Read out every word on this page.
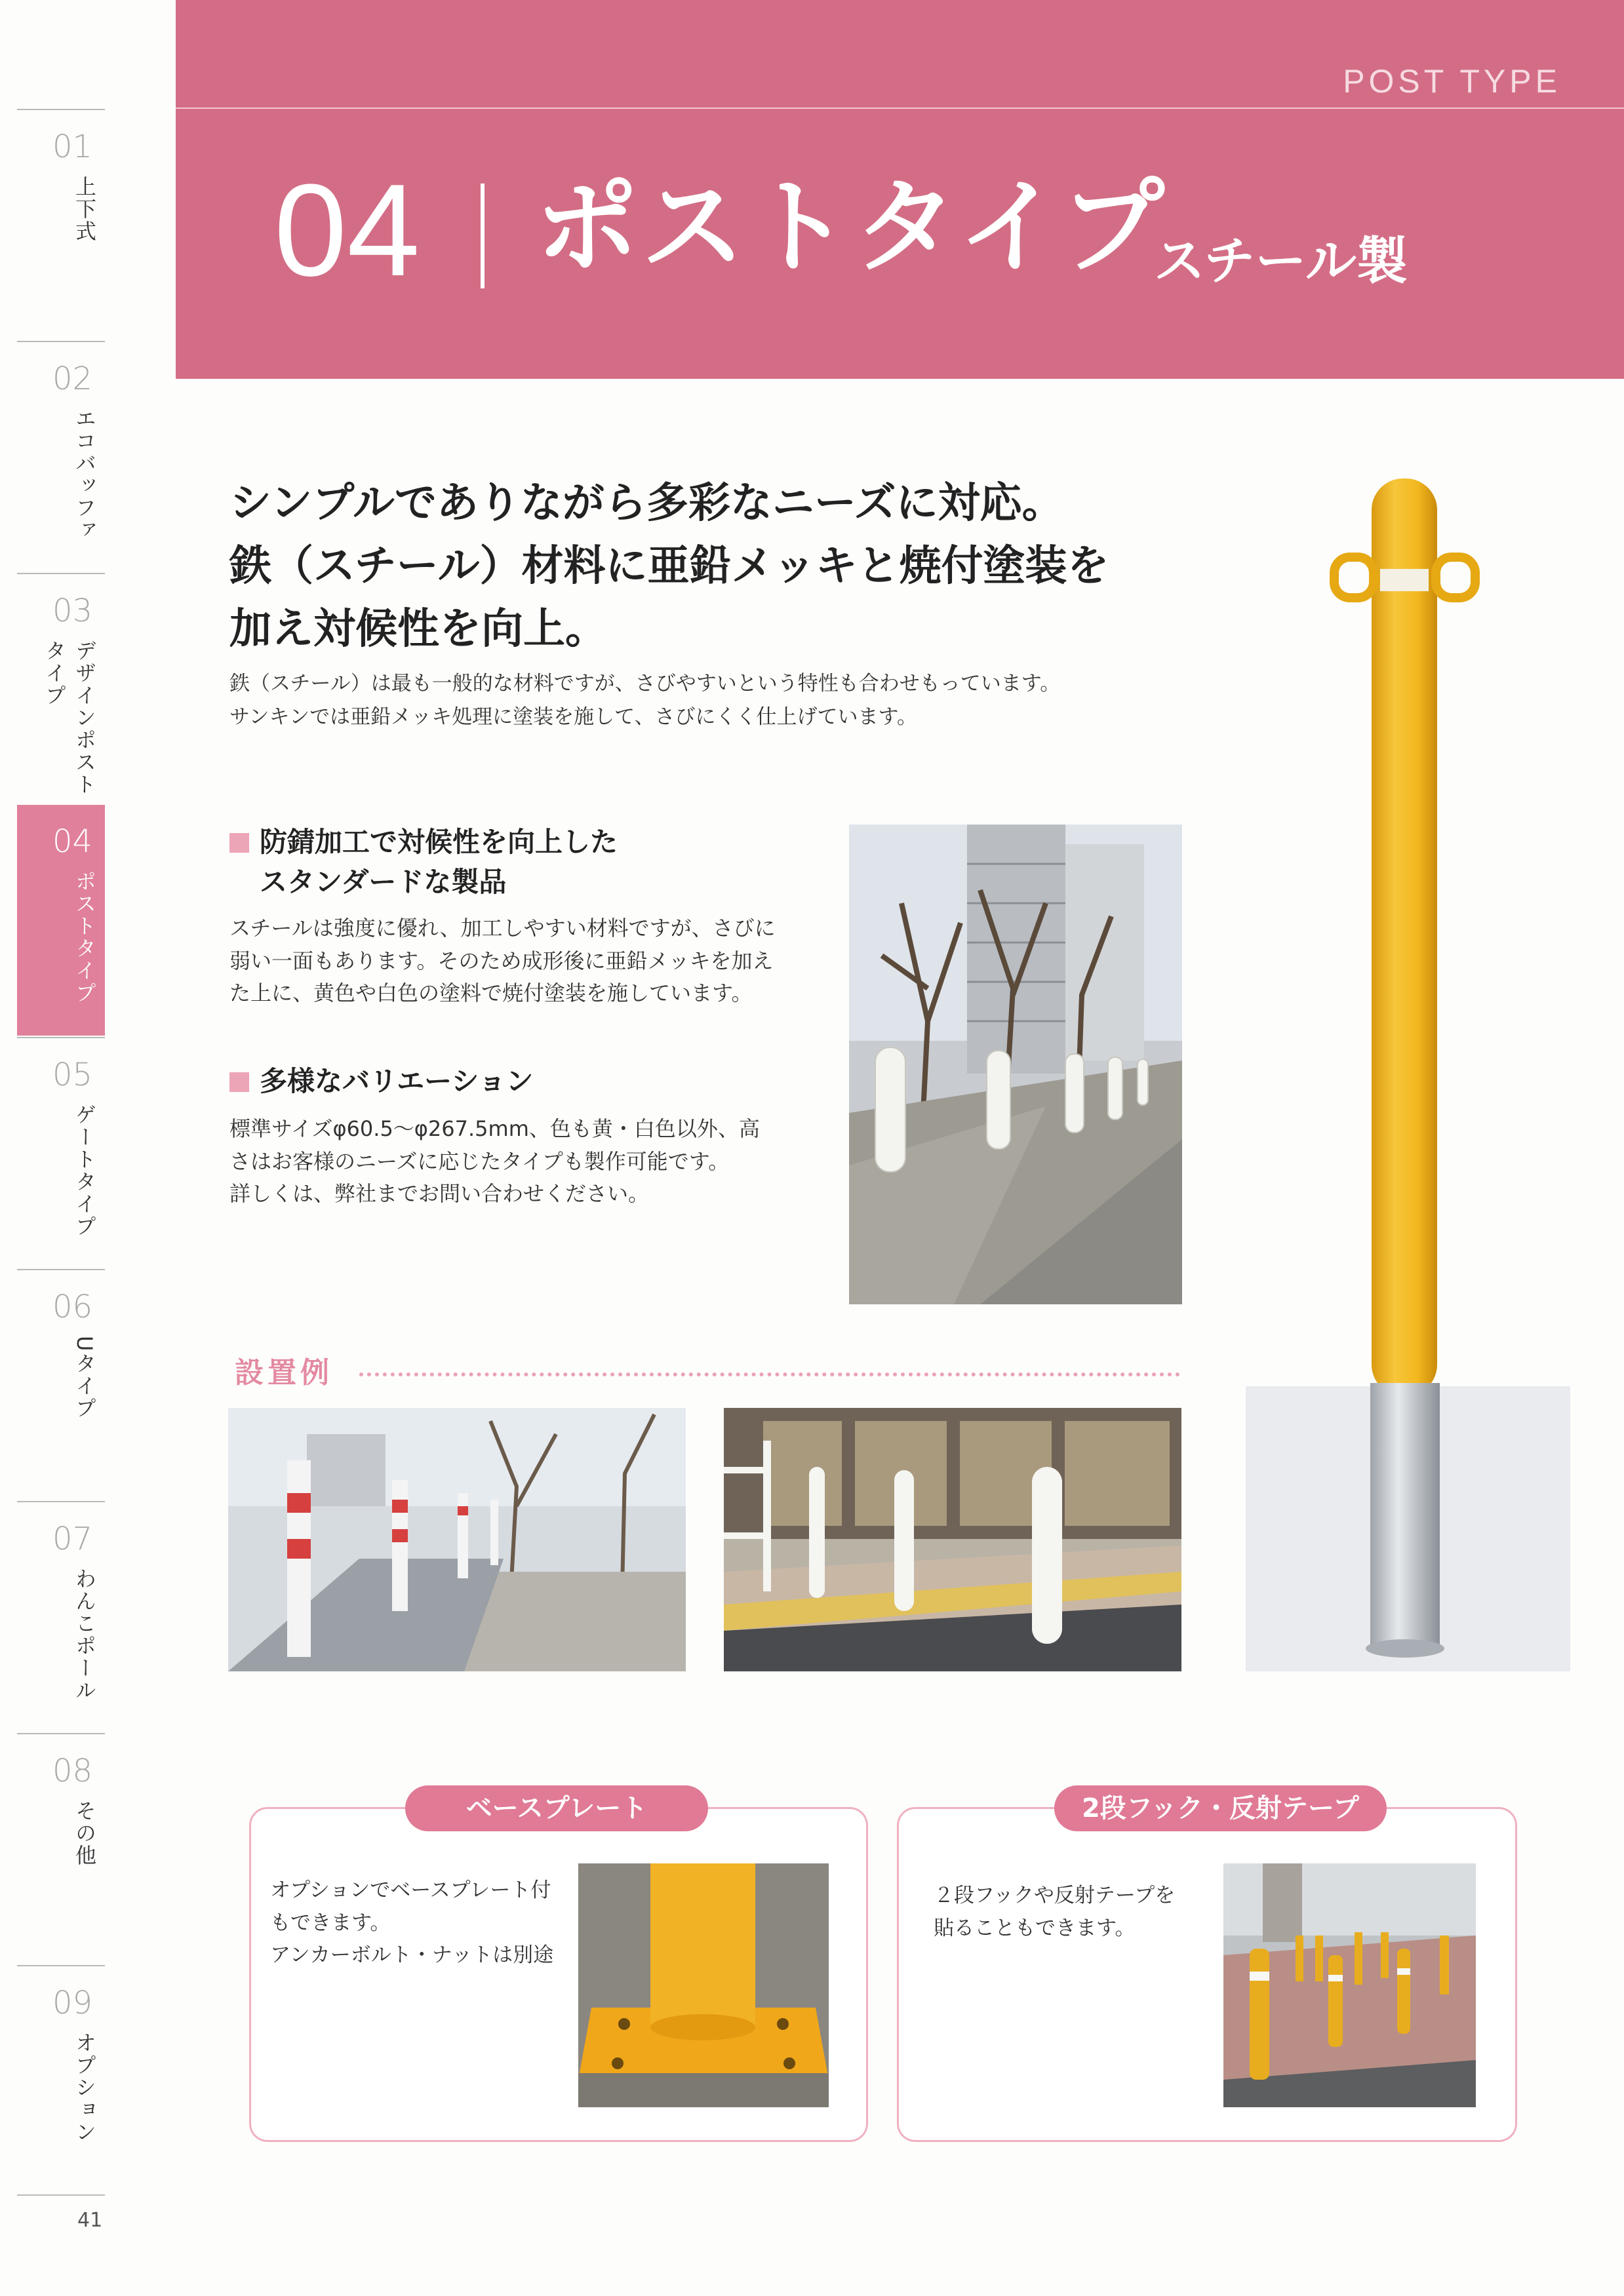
01
上下式
02
エコバッファ
03
デザインポストタイプ
04
ポストタイプ
05
ゲートタイプ
06
Uタイプ
07
わんこポール
08
その他
09
オプション
POST TYPE
04 ポストタイプ
スチール製
シンプルでありながら多彩なニーズに対応。
鉄（スチール）材料に亜鉛メッキと焼付塗装を
加え対候性を向上。
鉄（スチール）は最も一般的な材料ですが、さびやすいという特性も合わせもっています。
サンキンでは亜鉛メッキ処理に塗装を施して、さびにくく仕上げています。
防錆加工で対候性を向上した
スタンダードな製品
スチールは強度に優れ、加工しやすい材料ですが、さびに
弱い一面もあります。そのため成形後に亜鉛メッキを加え
た上に、黄色や白色の塗料で焼付塗装を施しています。
多様なバリエーション
標準サイズφ60.5〜φ267.5mm、色も黄・白色以外、高
さはお客様のニーズに応じたタイプも製作可能です。
詳しくは、弊社までお問い合わせください。
設置例
ベースプレート
オプションでベースプレート付
もできます。
アンカーボルト・ナットは別途
2段フック・反射テープ
２段フックや反射テープを
貼ることもできます。
41
